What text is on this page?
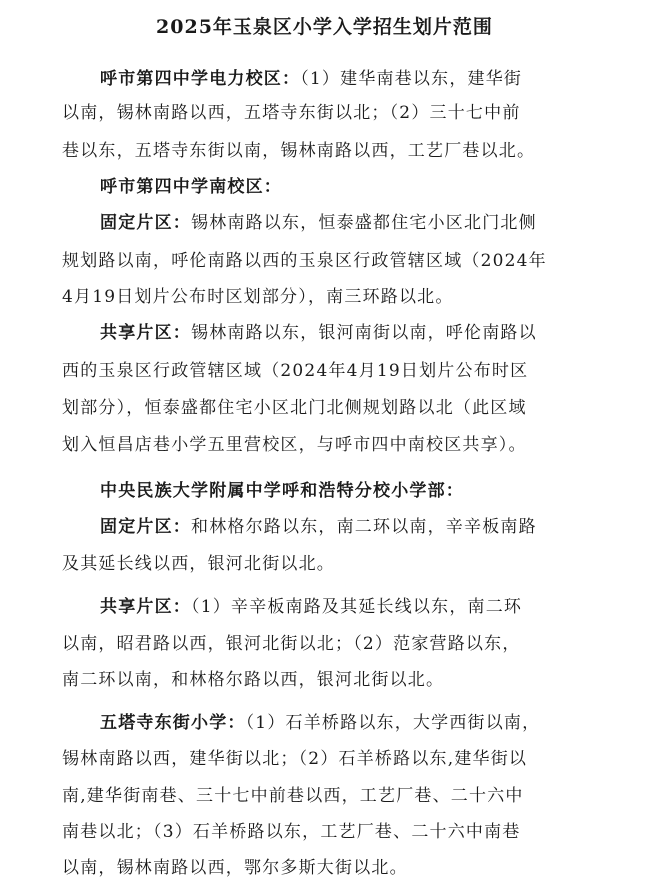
2025年玉泉区小学入学招生划片范围
呼市第四中学电力校区：（1）建华南巷以东，建华街
以南，锡林南路以西，五塔寺东街以北；（2）三十七中前
巷以东，五塔寺东街以南，锡林南路以西，工艺厂巷以北。
呼市第四中学南校区：
固定片区：锡林南路以东，恒泰盛都住宅小区北门北侧
规划路以南，呼伦南路以西的玉泉区行政管辖区域（2024年
4月19日划片公布时区划部分），南三环路以北。
共享片区：锡林南路以东，银河南街以南，呼伦南路以
西的玉泉区行政管辖区域（2024年4月19日划片公布时区
划部分），恒泰盛都住宅小区北门北侧规划路以北（此区域
划入恒昌店巷小学五里营校区，与呼市四中南校区共享）。
中央民族大学附属中学呼和浩特分校小学部：
固定片区：和林格尔路以东，南二环以南，辛辛板南路
及其延长线以西，银河北街以北。
共享片区：（1）辛辛板南路及其延长线以东，南二环
以南，昭君路以西，银河北街以北；（2）范家营路以东，
南二环以南，和林格尔路以西，银河北街以北。
五塔寺东街小学：（1）石羊桥路以东，大学西街以南，
锡林南路以西，建华街以北；（2）石羊桥路以东,建华街以
南,建华街南巷、三十七中前巷以西，工艺厂巷、二十六中
南巷以北；（3）石羊桥路以东，工艺厂巷、二十六中南巷
以南，锡林南路以西，鄂尔多斯大街以北。
